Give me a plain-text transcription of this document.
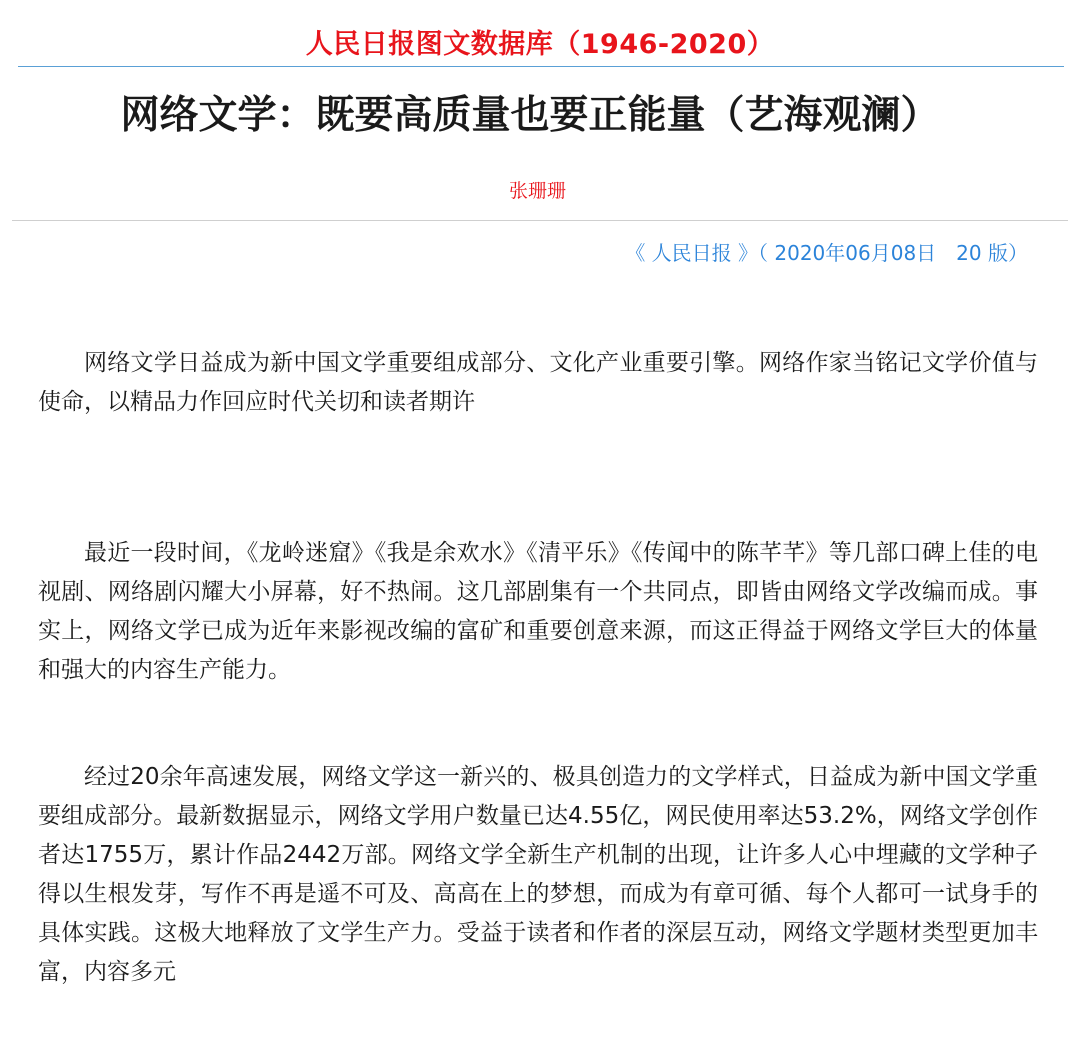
人民日报图文数据库（1946-2020）
网络文学：既要高质量也要正能量（艺海观澜）
张珊珊
《 人民日报 》（ 2020年06月08日　20 版）

网络文学日益成为新中国文学重要组成部分、文化产业重要引擎。网络作家当铭记文学价值与使命，以精品力作回应时代关切和读者期许

最近一段时间，《龙岭迷窟》《我是余欢水》《清平乐》《传闻中的陈芊芊》等几部口碑上佳的电视剧、网络剧闪耀大小屏幕，好不热闹。这几部剧集有一个共同点，即皆由网络文学改编而成。事实上，网络文学已成为近年来影视改编的富矿和重要创意来源，而这正得益于网络文学巨大的体量和强大的内容生产能力。

经过20余年高速发展，网络文学这一新兴的、极具创造力的文学样式，日益成为新中国文学重要组成部分。最新数据显示，网络文学用户数量已达4.55亿，网民使用率达53.2%，网络文学创作者达1755万，累计作品2442万部。网络文学全新生产机制的出现，让许多人心中埋藏的文学种子得以生根发芽，写作不再是遥不可及、高高在上的梦想，而成为有章可循、每个人都可一试身手的具体实践。这极大地释放了文学生产力。受益于读者和作者的深层互动，网络文学题材类型更加丰富，内容多元
